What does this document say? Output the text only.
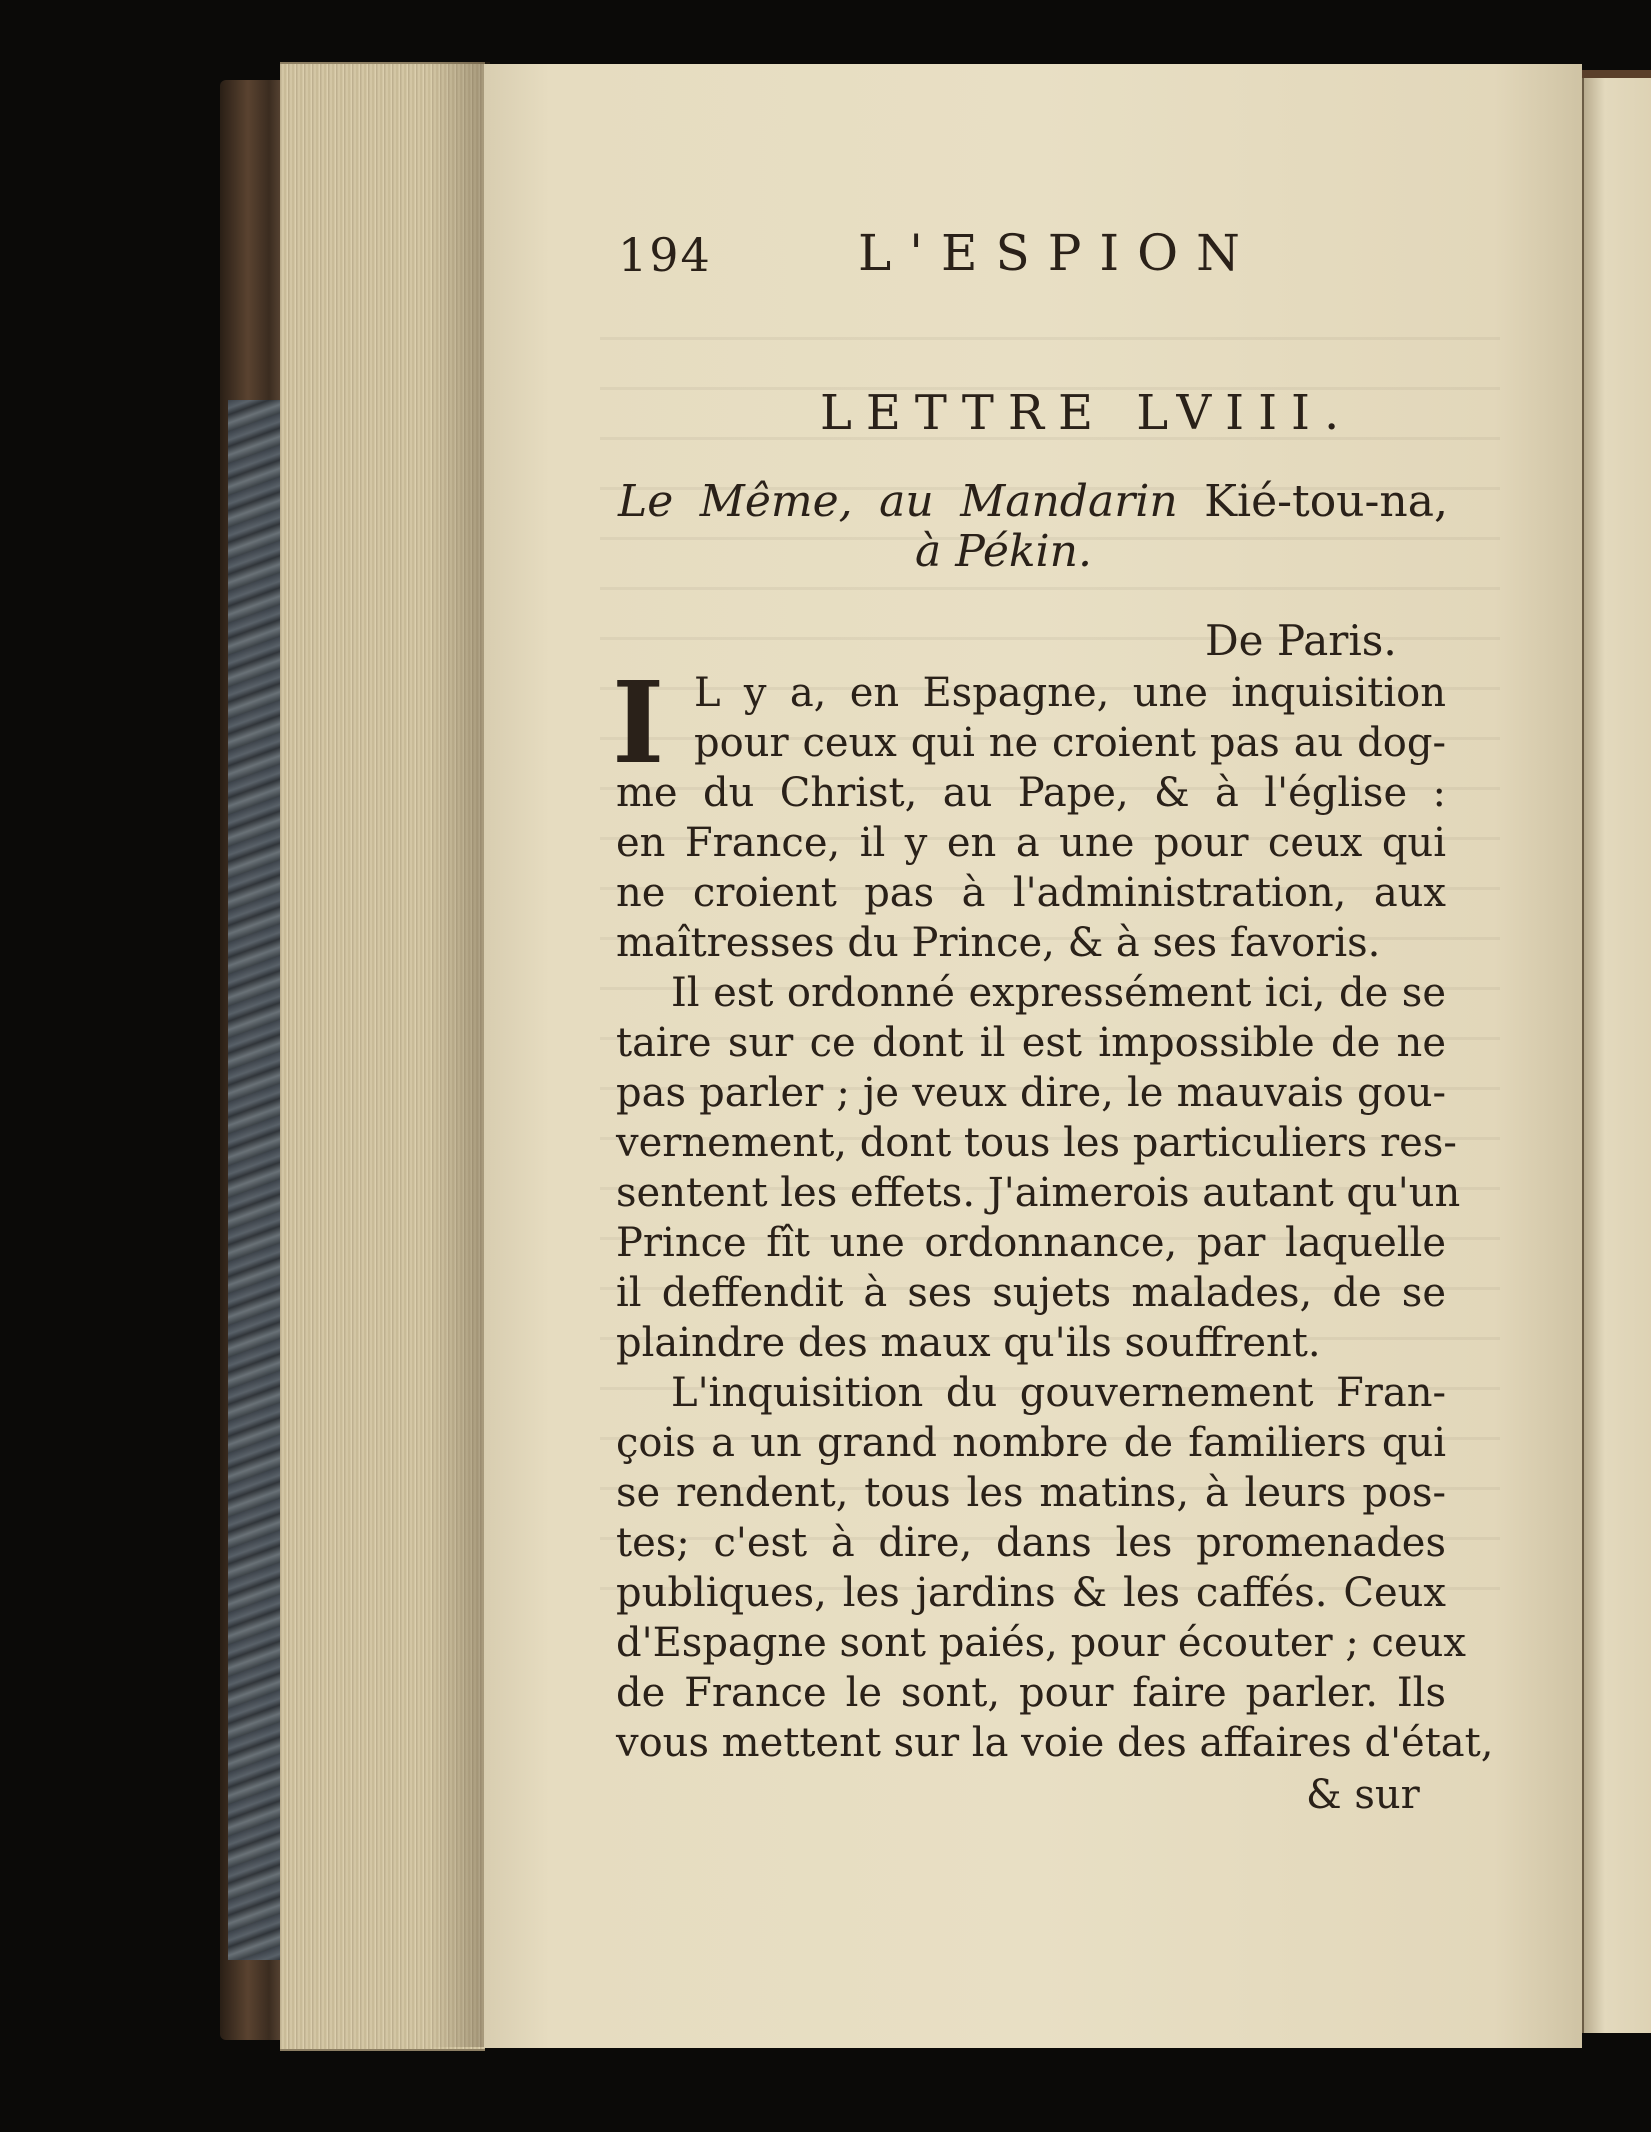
194	L'ESPION
LETTRE LVIII.
Le Même, au Mandarin Kié-tou-na,
à Pékin.
De Paris.
I L y a, en Espagne, une inquisition
pour ceux qui ne croient pas au dog-
me du Christ, au Pape, & à l'église :
en France, il y en a une pour ceux qui
ne croient pas à l'administration, aux
maîtresses du Prince, & à ses favoris.
Il est ordonné expressément ici, de se
taire sur ce dont il est impossible de ne
pas parler ; je veux dire, le mauvais gou-
vernement, dont tous les particuliers res-
sentent les effets. J'aimerois autant qu'un
Prince fît une ordonnance, par laquelle
il deffendit à ses sujets malades, de se
plaindre des maux qu'ils souffrent.
L'inquisition du gouvernement Fran-
çois a un grand nombre de familiers qui
se rendent, tous les matins, à leurs pos-
tes; c'est à dire, dans les promenades
publiques, les jardins & les caffés. Ceux
d'Espagne sont paiés, pour écouter ; ceux
de France le sont, pour faire parler. Ils
vous mettent sur la voie des affaires d'état,
& sur
